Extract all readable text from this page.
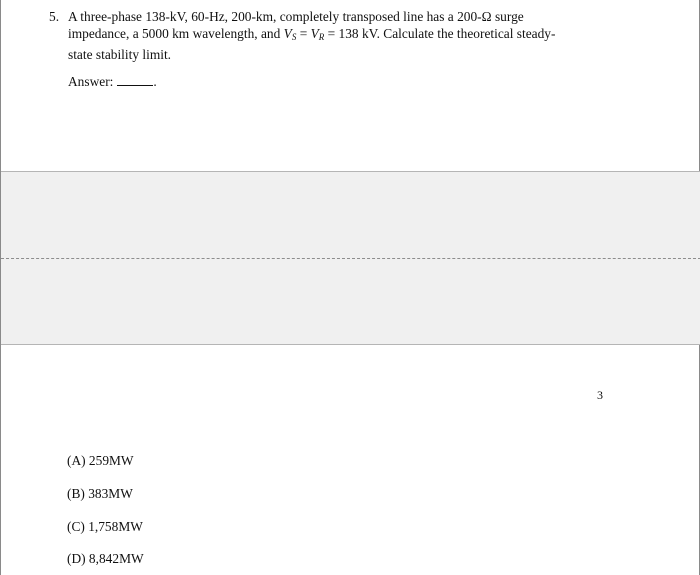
5. A three-phase 138-kV, 60-Hz, 200-km, completely transposed line has a 200-Ω surge
impedance, a 5000 km wavelength, and $V_S = V_R = 138$ kV. Calculate the theoretical steady-
state stability limit.
Answer:	.
3
(A) 259MW
(B) 383MW
(C) 1,758MW
(D) 8,842MW
